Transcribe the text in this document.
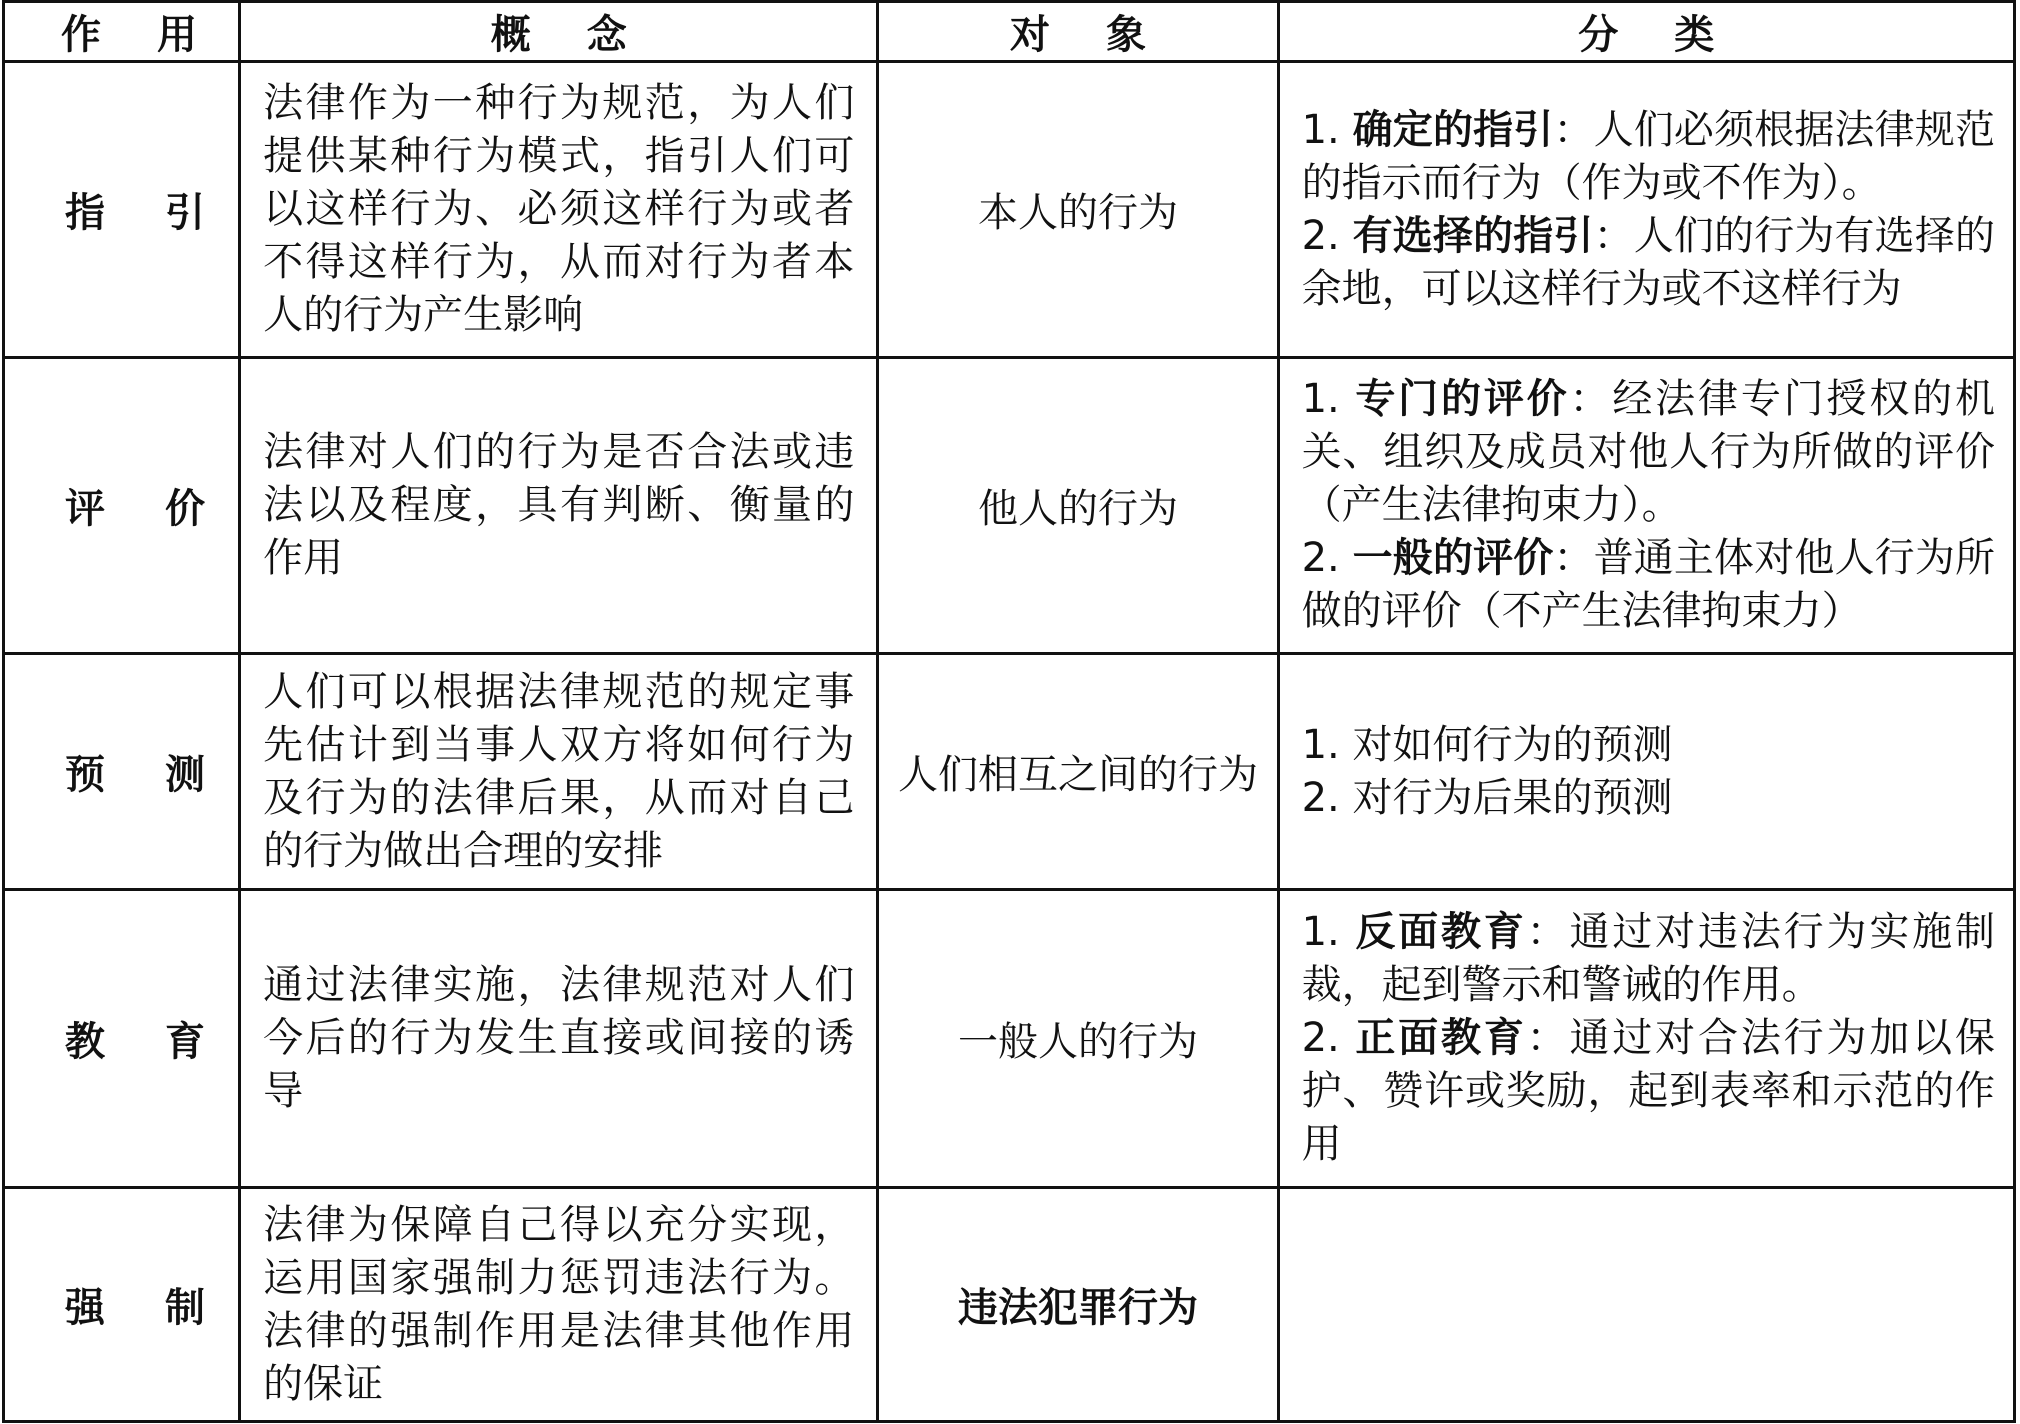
作用	概念	对象	分类
指引	法律作为一种行为规范，为人们提供某种行为模式，指引人们可以这样行为、必须这样行为或者不得这样行为，从而对行为者本人的行为产生影响	本人的行为	1. 确定的指引：人们必须根据法律规范的指示而行为（作为或不作为）。
2. 有选择的指引：人们的行为有选择的余地，可以这样行为或不这样行为

评价	法律对人们的行为是否合法或违法以及程度，具有判断、衡量的作用	他人的行为	1. 专门的评价：经法律专门授权的机关、组织及成员对他人行为所做的评价（产生法律拘束力）。
2. 一般的评价：普通主体对他人行为所做的评价（不产生法律拘束力）

预测	人们可以根据法律规范的规定事先估计到当事人双方将如何行为及行为的法律后果，从而对自己的行为做出合理的安排	人们相互之间的行为	1. 对如何行为的预测
2. 对行为后果的预测

教育	通过法律实施，法律规范对人们今后的行为发生直接或间接的诱导	一般人的行为	1. 反面教育：通过对违法行为实施制裁，起到警示和警诫的作用。
2. 正面教育：通过对合法行为加以保护、赞许或奖励，起到表率和示范的作用

强制	法律为保障自己得以充分实现，运用国家强制力惩罚违法行为。法律的强制作用是法律其他作用的保证	违法犯罪行为	
